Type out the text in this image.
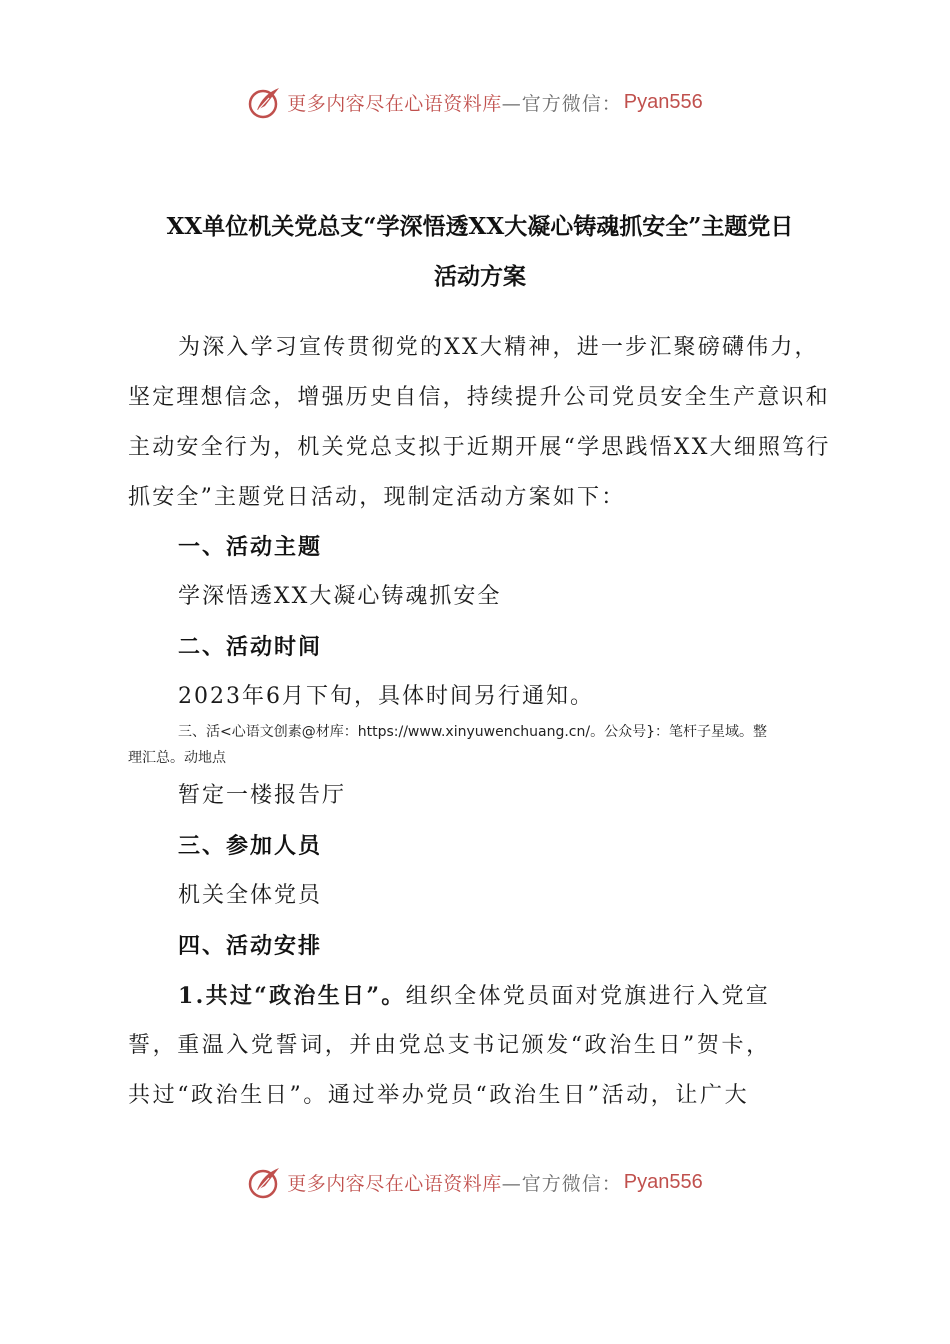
更多内容尽在心语资料库 —官方微信： Pyan556
XX单位机关党总支“学深悟透XX大凝心铸魂抓安全”主题党日
活动方案

为深入学习宣传贯彻党的XX大精神，进一步汇聚磅礴伟力，坚定理想信念，增强历史自信，持续提升公司党员安全生产意识和主动安全行为，机关党总支拟于近期开展“学思践悟XX大细照笃行抓安全”主题党日活动，现制定活动方案如下：

一、活动主题
学深悟透XX大凝心铸魂抓安全
二、活动时间
2023年6月下旬，具体时间另行通知。
三、活<心语文创素@材库：https://www.xinyuwenchuang.cn/。公众号}：笔杆子星域。整
理汇总。动地点
暂定一楼报告厅
三、参加人员
机关全体党员
四、活动安排
1.共过“政治生日”。组织全体党员面对党旗进行入党宣
誓，重温入党誓词，并由党总支书记颁发“政治生日”贺卡，
共过“政治生日”。通过举办党员“政治生日”活动，让广大
更多内容尽在心语资料库 —官方微信： Pyan556
